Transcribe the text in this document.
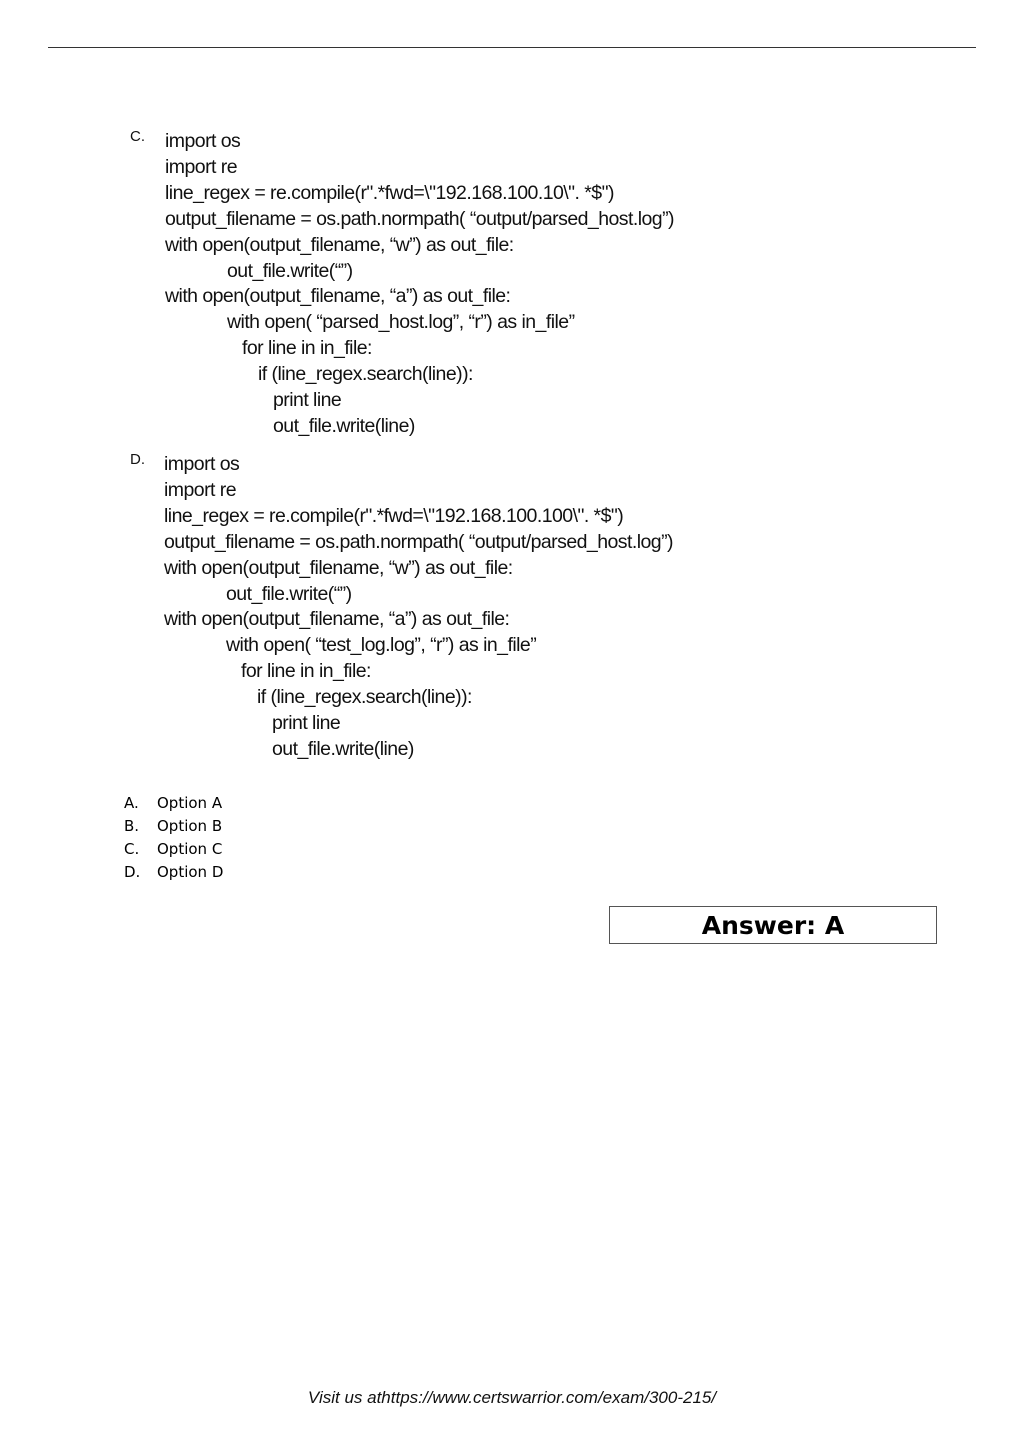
C. import os
import re
line_regex = re.compile(r".*fwd=\"192.168.100.10\". *$")
output_filename = os.path.normpath( “output/parsed_host.log”)
with open(output_filename, “w”) as out_file:
out_file.write(“”)
with open(output_filename, “a”) as out_file:
with open( “parsed_host.log”, “r”) as in_file”
for line in in_file:
if (line_regex.search(line)):
print line
out_file.write(line)
D. import os
import re
line_regex = re.compile(r".*fwd=\"192.168.100.100\". *$")
output_filename = os.path.normpath( “output/parsed_host.log”)
with open(output_filename, “w”) as out_file:
out_file.write(“”)
with open(output_filename, “a”) as out_file:
with open( “test_log.log”, “r”) as in_file”
for line in in_file:
if (line_regex.search(line)):
print line
out_file.write(line)
A.	Option A
B.	Option B
C.	Option C
D.	Option D
Answer: A
Visit us athttps://www.certswarrior.com/exam/300-215/
